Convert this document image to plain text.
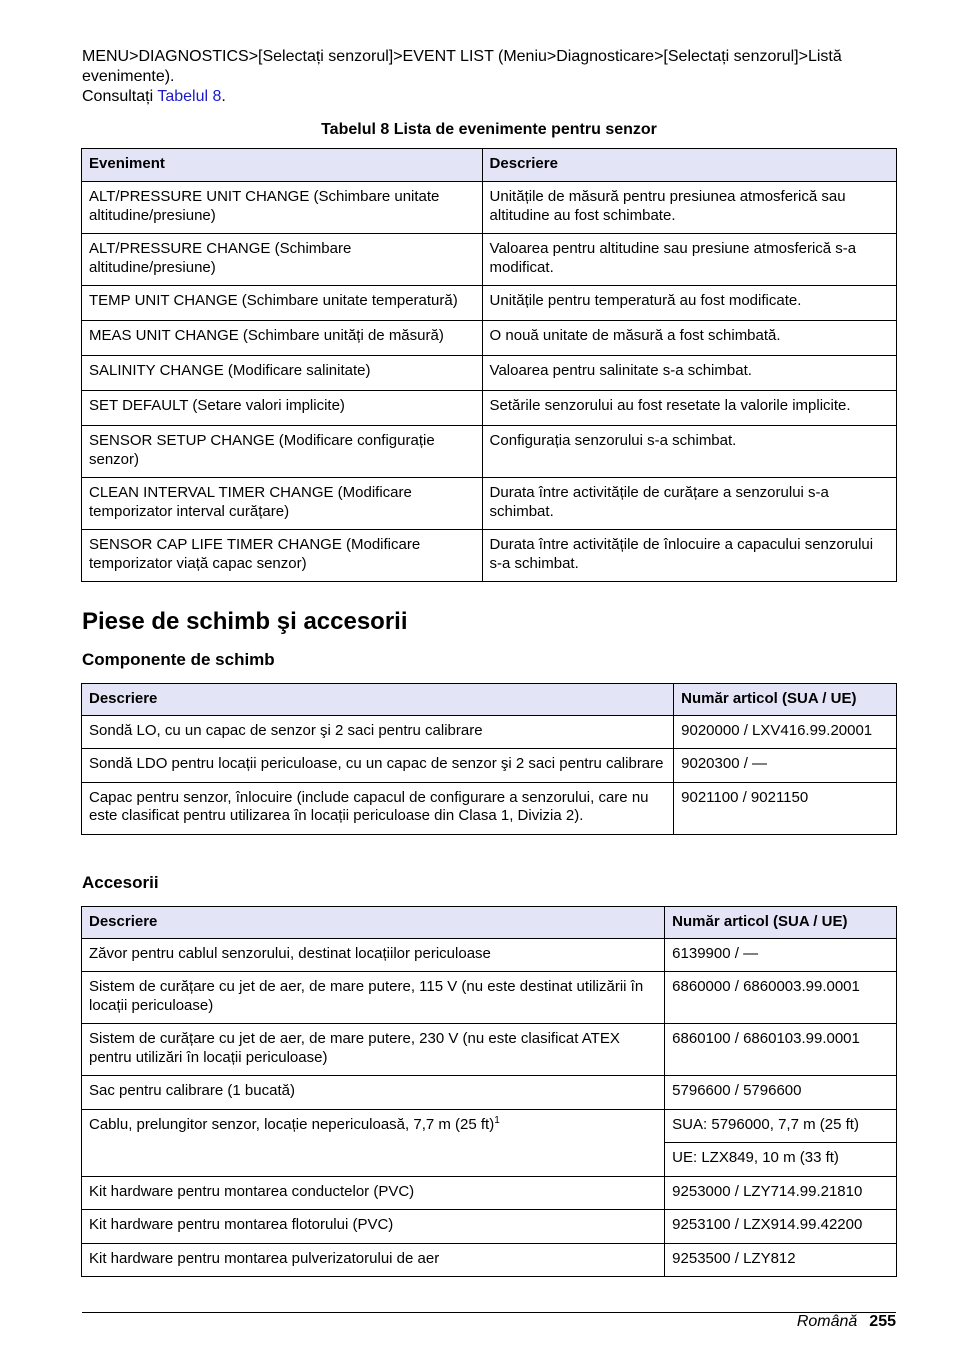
MENU>DIAGNOSTICS>[Selectați senzorul]>EVENT LIST (Meniu>Diagnosticare>[Selectați senzorul]>Listă evenimente).
Consultați Tabelul 8.
Tabelul 8 Lista de evenimente pentru senzor
Eveniment	Descriere
ALT/PRESSURE UNIT CHANGE (Schimbare unitate altitudine/presiune)	Unitățile de măsură pentru presiunea atmosferică sau altitudine au fost schimbate.
ALT/PRESSURE CHANGE (Schimbare altitudine/presiune)	Valoarea pentru altitudine sau presiune atmosferică s-a modificat.
TEMP UNIT CHANGE (Schimbare unitate temperatură)	Unitățile pentru temperatură au fost modificate.
MEAS UNIT CHANGE (Schimbare unități de măsură)	O nouă unitate de măsură a fost schimbată.
SALINITY CHANGE (Modificare salinitate)	Valoarea pentru salinitate s-a schimbat.
SET DEFAULT (Setare valori implicite)	Setările senzorului au fost resetate la valorile implicite.
SENSOR SETUP CHANGE (Modificare configurație senzor)	Configurația senzorului s-a schimbat.
CLEAN INTERVAL TIMER CHANGE (Modificare temporizator interval curățare)	Durata între activitățile de curățare a senzorului s-a schimbat.
SENSOR CAP LIFE TIMER CHANGE (Modificare temporizator viață capac senzor)	Durata între activitățile de înlocuire a capacului senzorului s-a schimbat.
Piese de schimb şi accesorii
Componente de schimb
Descriere	Număr articol (SUA / UE)
Sondă LO, cu un capac de senzor şi 2 saci pentru calibrare	9020000 / LXV416.99.20001
Sondă LDO pentru locații periculoase, cu un capac de senzor şi 2 saci pentru calibrare	9020300 / —
Capac pentru senzor, înlocuire (include capacul de configurare a senzorului, care nu este clasificat pentru utilizarea în locații periculoase din Clasa 1, Divizia 2).	9021100 / 9021150
Accesorii
Descriere	Număr articol (SUA / UE)
Zăvor pentru cablul senzorului, destinat locațiilor periculoase	6139900 / —
Sistem de curățare cu jet de aer, de mare putere, 115 V (nu este destinat utilizării în locații periculoase)	6860000 / 6860003.99.0001
Sistem de curățare cu jet de aer, de mare putere, 230 V (nu este clasificat ATEX pentru utilizări în locații periculoase)	6860100 / 6860103.99.0001
Sac pentru calibrare (1 bucată)	5796600 / 5796600
Cablu, prelungitor senzor, locație nepericuloasă, 7,7 m (25 ft)$^1$	SUA: 5796000, 7,7 m (25 ft)
	UE: LZX849, 10 m (33 ft)
Kit hardware pentru montarea conductelor (PVC)	9253000 / LZY714.99.21810
Kit hardware pentru montarea flotorului (PVC)	9253100 / LZX914.99.42200
Kit hardware pentru montarea pulverizatorului de aer	9253500 / LZY812
Română 255
